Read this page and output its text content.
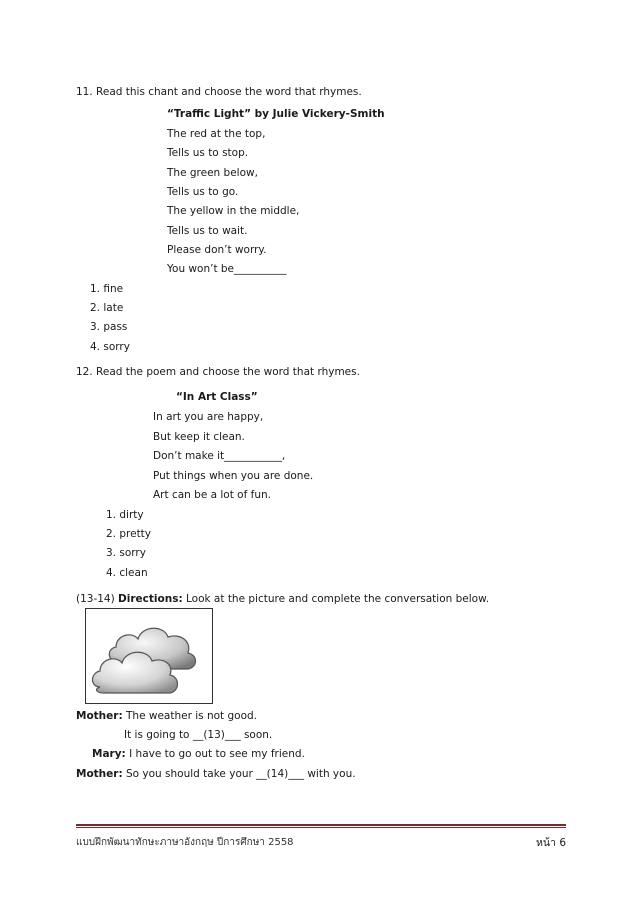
11. Read this chant and choose the word that rhymes.
“Traffic Light” by Julie Vickery-Smith
The red at the top,
Tells us to stop.
The green below,
Tells us to go.
The yellow in the middle,
Tells us to wait.
Please don’t worry.
You won’t be__________
1. fine
2. late
3. pass
4. sorry
12. Read the poem and choose the word that rhymes.
“In Art Class”
In art you are happy,
But keep it clean.
Don’t make it___________,
Put things when you are done.
Art can be a lot of fun.
1. dirty
2. pretty
3. sorry
4. clean
(13-14) Directions: Look at the picture and complete the conversation below.
Mother: The weather is not good.
It is going to __(13)___ soon.
Mary: I have to go out to see my friend.
Mother: So you should take your __(14)___ with you.
แบบฝึกพัฒนาทักษะภาษาอังกฤษ ปีการศึกษา 2558	หน้า 6
